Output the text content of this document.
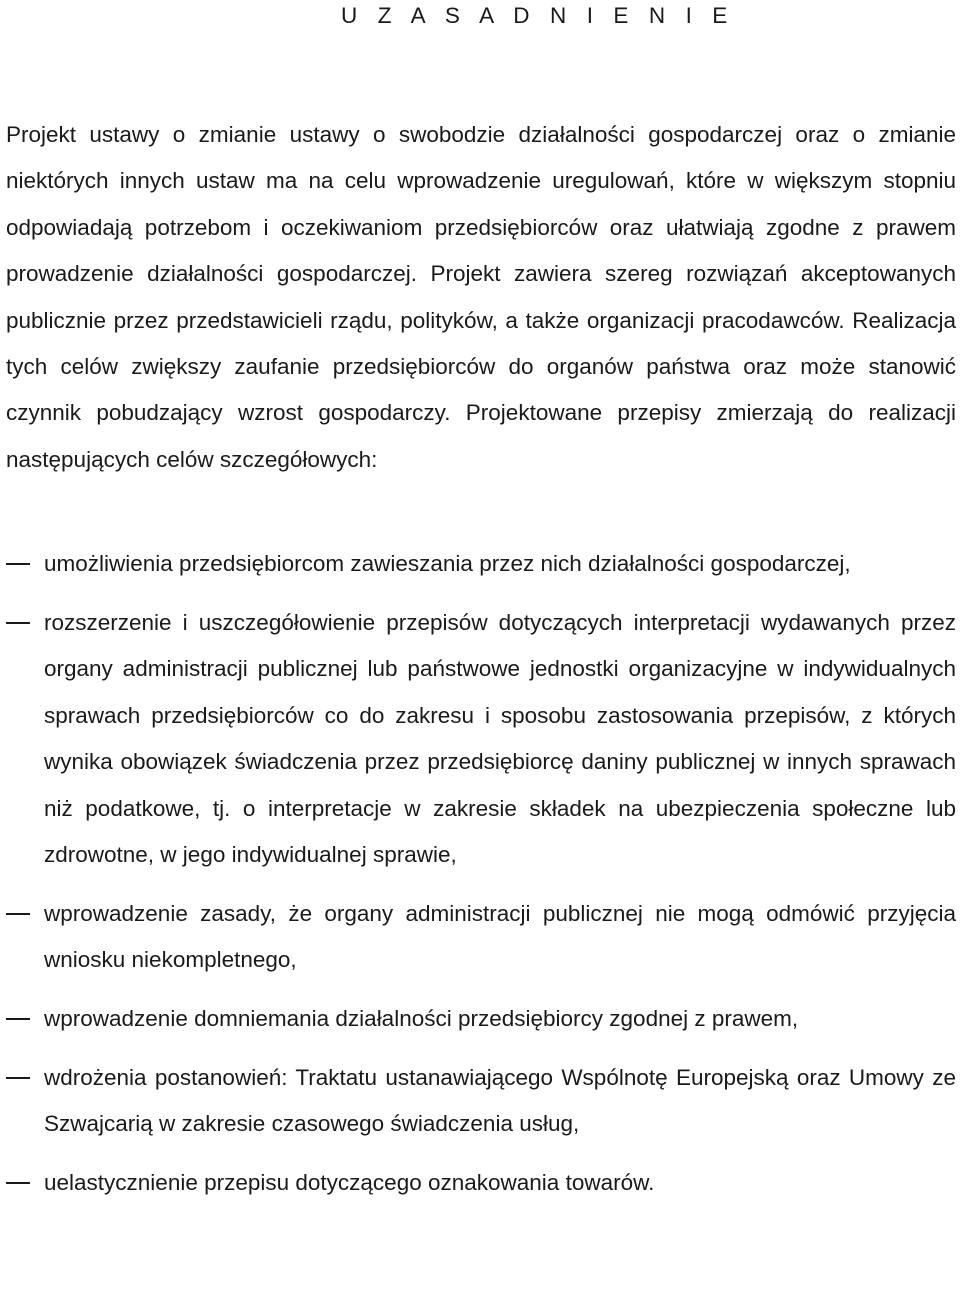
U Z A S A D N I E N I E

Projekt ustawy o zmianie ustawy o swobodzie działalności gospodarczej oraz o zmianie niektórych innych ustaw ma na celu wprowadzenie uregulowań, które w większym stopniu odpowiadają potrzebom i oczekiwaniom przedsiębiorców oraz ułatwiają zgodne z prawem prowadzenie działalności gospodarczej. Projekt zawiera szereg rozwiązań akceptowanych publicznie przez przedstawicieli rządu, polityków, a także organizacji pracodawców. Realizacja tych celów zwiększy zaufanie przedsiębiorców do organów państwa oraz może stanowić czynnik pobudzający wzrost gospodarczy. Projektowane przepisy zmierzają do realizacji następujących celów szczegółowych:

umożliwienia przedsiębiorcom zawieszania przez nich działalności gospodarczej,
rozszerzenie i uszczegółowienie przepisów dotyczących interpretacji wydawanych przez organy administracji publicznej lub państwowe jednostki organizacyjne w indywidualnych sprawach przedsiębiorców co do zakresu i sposobu zastosowania przepisów, z których wynika obowiązek świadczenia przez przedsiębiorcę daniny publicznej w innych sprawach niż podatkowe, tj. o interpretacje w zakresie składek na ubezpieczenia społeczne lub zdrowotne, w jego indywidualnej sprawie,
wprowadzenie zasady, że organy administracji publicznej nie mogą odmówić przyjęcia wniosku niekompletnego,
wprowadzenie domniemania działalności przedsiębiorcy zgodnej z prawem,
wdrożenia postanowień: Traktatu ustanawiającego Wspólnotę Europejską oraz Umowy ze Szwajcarią w zakresie czasowego świadczenia usług,
uelastycznienie przepisu dotyczącego oznakowania towarów.
